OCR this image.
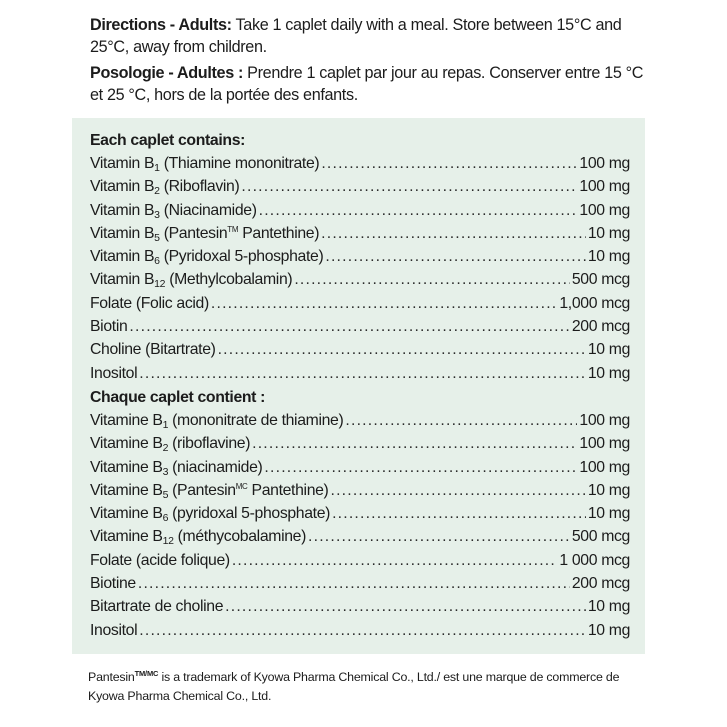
Directions - Adults: Take 1 caplet daily with a meal. Store between 15°C and 25°C, away from children.

Posologie - Adultes : Prendre 1 caplet par jour au repas. Conserver entre 15 °C et 25 °C, hors de la portée des enfants.

Each caplet contains:
Vitamin $B_1$ (Thiamine mononitrate) .....	100 mg
Vitamin $B_2$ (Riboflavin) .....	100 mg
Vitamin $B_3$ (Niacinamide) .....	100 mg
Vitamin $B_5$ (Pantesin™ Pantethine) .....	10 mg
Vitamin $B_6$ (Pyridoxal 5-phosphate) .....	10 mg
Vitamin $B_{12}$ (Methylcobalamin) .....	500 mcg
Folate (Folic acid) .....	1,000 mcg
Biotin .....	200 mcg
Choline (Bitartrate) .....	10 mg
Inositol .....	10 mg
Chaque caplet contient :
Vitamine $B_1$ (mononitrate de thiamine) .....	100 mg
Vitamine $B_2$ (riboflavine) .....	100 mg
Vitamine $B_3$ (niacinamide) .....	100 mg
Vitamine $B_5$ (Pantesin$^{MC}$ Pantethine) .....	10 mg
Vitamine $B_6$ (pyridoxal 5-phosphate) .....	10 mg
Vitamine $B_{12}$ (méthycobalamine) .....	500 mcg
Folate (acide folique) .....	1 000 mcg
Biotine .....	200 mcg
Bitartrate de choline .....	10 mg
Inositol .....	10 mg
Pantesin$^{TM/MC}$ is a trademark of Kyowa Pharma Chemical Co., Ltd./ est une marque de commerce de Kyowa Pharma Chemical Co., Ltd.
